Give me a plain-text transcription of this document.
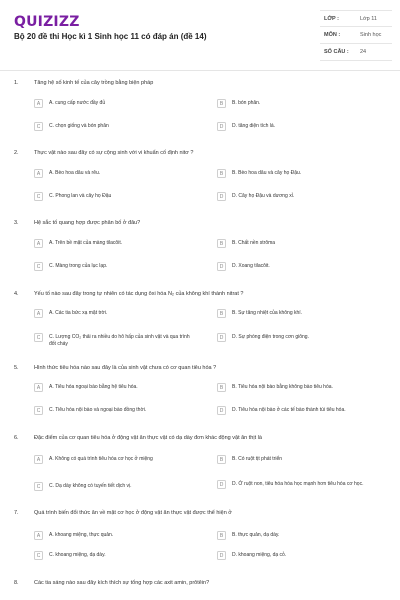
QUIZIZZ
Bộ 20 đề thi Học kì 1 Sinh học 11 có đáp án (đề 14)
LỚP :	Lớp 11
MÔN :	Sinh học
SỐ CÂU : 24
1.	Tăng hệ số kinh tế của cây trồng bằng biện pháp
A	A. cung cấp nước đầy đủ	B	B. bón phân.
C	C. chọn giống và bón phân	D	D. tăng diện tích lá.
2.	Thực vật nào sau đây có sự cộng sinh với vi khuẩn cố định nitơ ?
A	A. Bèo hoa dâu và rêu.	B	B. Bèo hoa dâu và cây họ Đậu.
C	C. Phong lan và cây họ Đậu	D	D. Cây họ Đậu và dương xỉ.
3.	Hệ sắc tố quang hợp được phân bố ở đâu?
A	A. Trên bề mặt của màng tilacôit.	B	B. Chất nền strôma
C	C. Màng trong của lục lạp.	D	D. Xoang tilacôit.
4.	Yếu tố nào sau đây trong tự nhiên có tác dụng ôxi hóa N₂ của không khí thành nitrat ?
A	A. Các tia bức xạ mặt trời.	B	B. Sự tăng nhiệt của không khí.
C	C. Lượng CO₂ thải ra nhiều do hô hấp của sinh vật và qua trình đốt cháy
D	D. Sự phóng điện trong cơn giông.
5.	Hình thức tiêu hóa nào sau đây là của sinh vật chưa có cơ quan tiêu hóa ?
A	A. Tiêu hóa ngoại bào bằng hệ tiêu hóa.	B	B. Tiêu hóa nội bào bằng không bào tiêu hóa.
C	C. Tiêu hóa nội bào và ngoại bào đồng thời.	D	D. Tiêu hóa nội bào ở các tế bào thành túi tiêu hóa.
6.	Đặc điểm của cơ quan tiêu hóa ở động vật ăn thực vật có dạ dày đơn khác động vật ăn thịt là
A	A. Không có quá trình tiêu hóa cơ học ở miệng	B	B. Có ruột tịt phát triển
C	C. Dạ dày không có tuyến tiết dịch vị.	D	D. Ở ruột non, tiêu hóa hóa học mạnh hơn tiêu hóa cơ học.
7.	Quá trình biến đổi thức ăn về mặt cơ học ở động vật ăn thực vật được thể hiện ở
A	A. khoang miệng, thực quản.	B	B. thực quản, dạ dày.
C	C. khoang miệng, dạ dày.	D	D. khoang miệng, dạ cỏ.
8.	Các tia sáng nào sau đây kích thích sự tổng hợp các axit amin, prôtêin?
